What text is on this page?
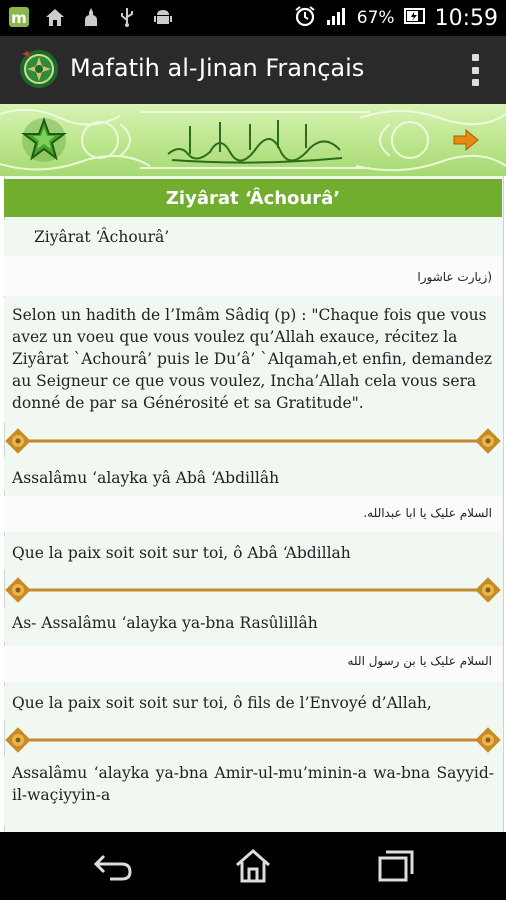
m	67% 10:59
Mafatih al-Jinan Français
Ziyârat ‘Âchourâ’
Ziyârat ‘Âchourâ’
(زیارت عاشورا
Selon un hadith de l’Imâm Sâdiq (p) : "Chaque fois que vous avez un voeu que vous voulez qu’Allah exauce, récitez la Ziyârat `Achourâ’ puis le Du’â’ `Alqamah,et enfin, demandez au Seigneur ce que vous voulez, Incha’Allah cela vous sera donné de par sa Générosité et sa Gratitude".
Assalâmu ‘alayka yâ Abâ ‘Abdillâh
السلام علیک یا ابا عبدالله.
Que la paix soit soit sur toi, ô Abâ ‘Abdillah
As- Assalâmu ‘alayka ya-bna Rasûlillâh
السلام علیک یا بن رسول الله
Que la paix soit soit sur toi, ô fils de l’Envoyé d’Allah,
Assalâmu ‘alayka ya-bna Amir-ul-mu’minin-a wa-bna Sayyid-il-waçiyyin-a
